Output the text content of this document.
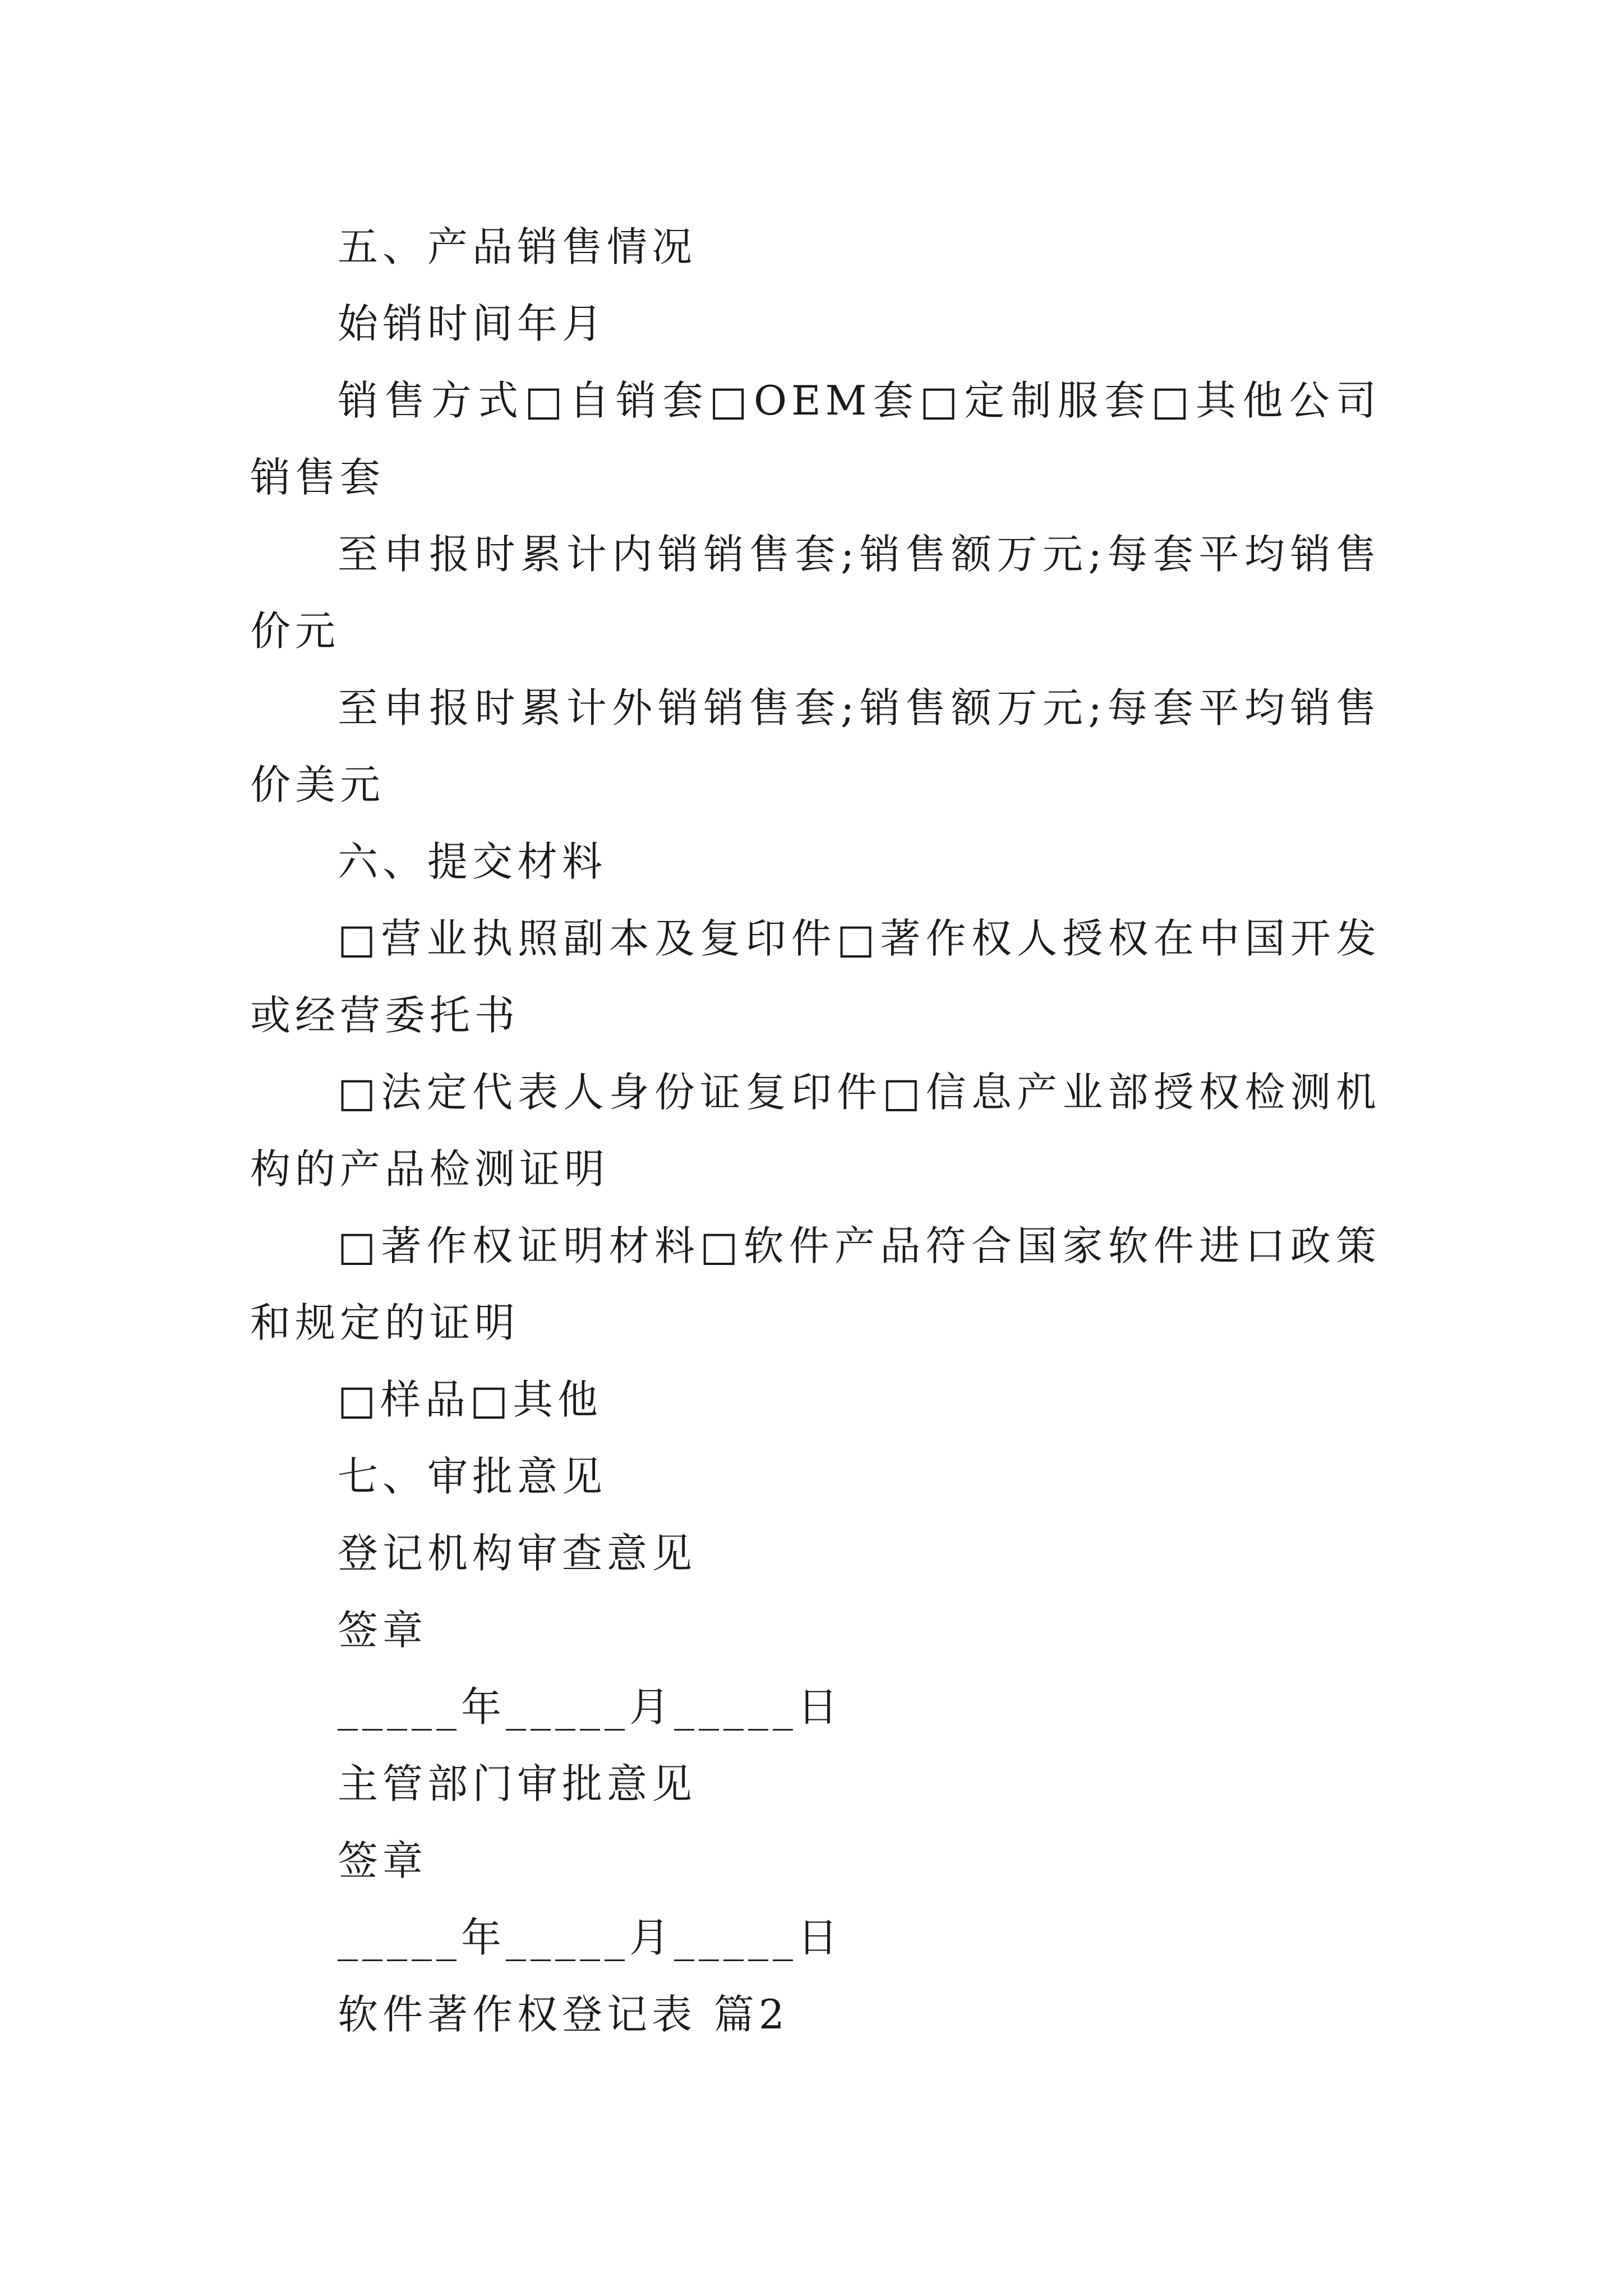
五、产品销售情况

始销时间年月

销售方式□自销套□OEM套□定制服套□其他公司销售套

至申报时累计内销销售套;销售额万元;每套平均销售价元

至申报时累计外销销售套;销售额万元;每套平均销售价美元

六、提交材料

□营业执照副本及复印件□著作权人授权在中国开发或经营委托书

□法定代表人身份证复印件□信息产业部授权检测机构的产品检测证明

□著作权证明材料□软件产品符合国家软件进口政策和规定的证明

□样品□其他

七、审批意见

登记机构审查意见

签章

_____年_____月_____日

主管部门审批意见

签章

_____年_____月_____日

软件著作权登记表 篇2
